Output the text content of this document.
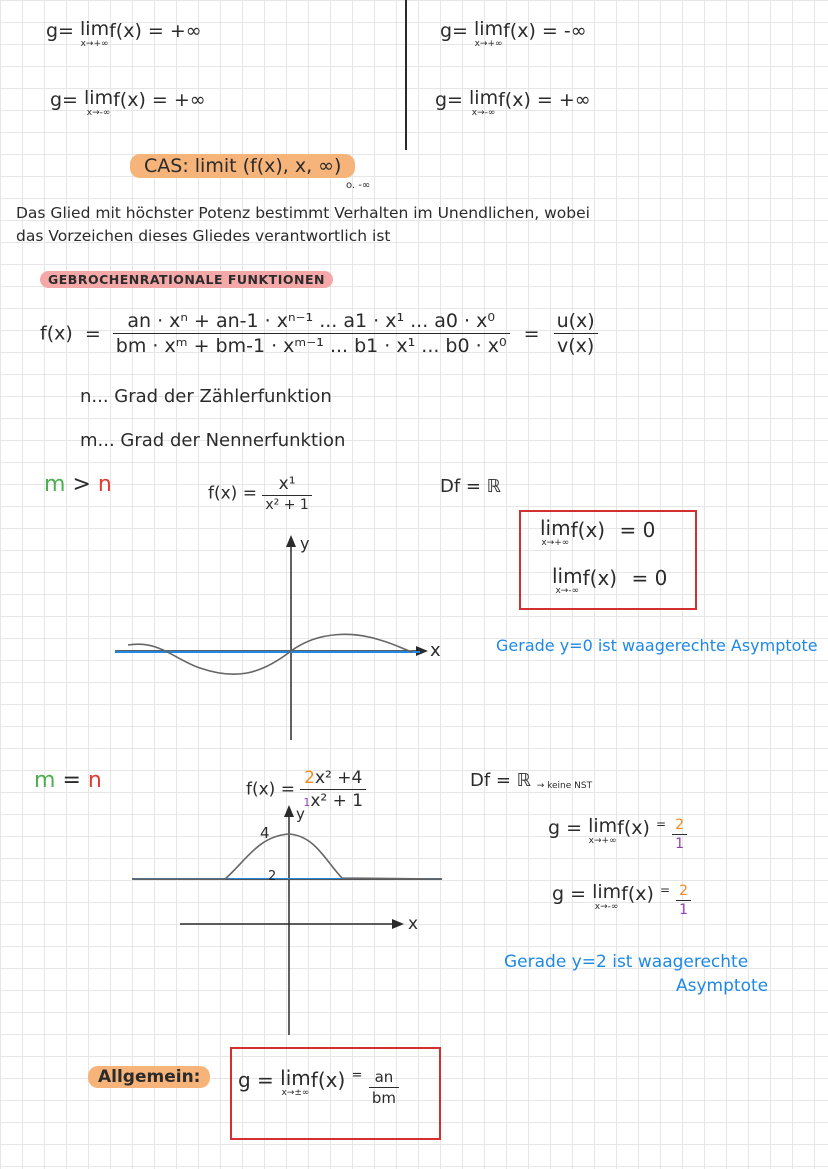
g= lim
x→+∞
f(x) = +∞
g= lim
x→-∞
f(x) = +∞
g= lim
x→+∞
f(x) = -∞
g= lim
x→-∞
f(x) = +∞
CAS: limit (f(x), x, ∞)
o. -∞
Das Glied mit höchster Potenz bestimmt Verhalten im Unendlichen, wobei
das Vorzeichen dieses Gliedes verantwortlich ist
GEBROCHENRATIONALE FUNKTIONEN
$f(x) = \frac{\text{an · xⁿ + an-1 · xⁿ⁻¹ ... a1 · x¹ ... a0 · x⁰}}{\text{bm · xᵐ + bm-1 · xᵐ⁻¹ ... b1 · x¹ ... b0 · x⁰}} = \frac{u(x)}{v(x)}$
n... Grad der Zählerfunktion
m... Grad der Nennerfunktion
m > n	$f(x) = \frac{\text{x¹}}{\text{x² + 1}}$	Df = ℝ
lim
x→+∞
f(x) = 0
lim
x→-∞
f(x) = 0
y
x	Gerade y=0 ist waagerechte Asymptote
m = n	$f(x) = \frac{\text{2x² +4}}{\text{1x² + 1}}$	Df = ℝ → keine NST
g = lim
x→+∞
f(x) $^= \frac{2}{1}$
g = lim
x→-∞
f(x) $^= \frac{2}{1}$
y
x
4
2
Gerade y=2 ist waagerechte
Asymptote
Allgemein:	g = lim
x→±∞
f(x) $^= \frac{an}{bm}$
